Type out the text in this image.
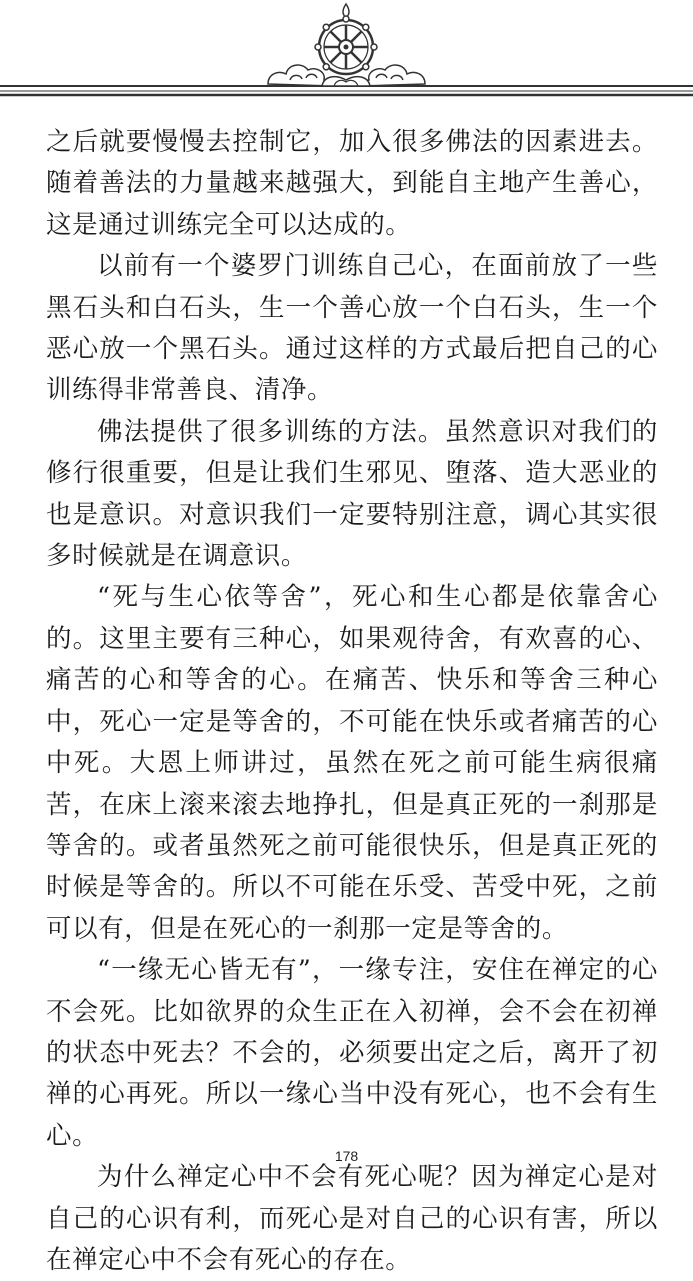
之后就要慢慢去控制它，加入很多佛法的因素进去。随着善法的力量越来越强大，到能自主地产生善心，这是通过训练完全可以达成的。

以前有一个婆罗门训练自己心，在面前放了一些黑石头和白石头，生一个善心放一个白石头，生一个恶心放一个黑石头。通过这样的方式最后把自己的心训练得非常善良、清净。

佛法提供了很多训练的方法。虽然意识对我们的修行很重要，但是让我们生邪见、堕落、造大恶业的也是意识。对意识我们一定要特别注意，调心其实很多时候就是在调意识。

“死与生心依等舍”，死心和生心都是依靠舍心的。这里主要有三种心，如果观待舍，有欢喜的心、痛苦的心和等舍的心。在痛苦、快乐和等舍三种心中，死心一定是等舍的，不可能在快乐或者痛苦的心中死。大恩上师讲过，虽然在死之前可能生病很痛苦，在床上滚来滚去地挣扎，但是真正死的一刹那是等舍的。或者虽然死之前可能很快乐，但是真正死的时候是等舍的。所以不可能在乐受、苦受中死，之前可以有，但是在死心的一刹那一定是等舍的。

“一缘无心皆无有”，一缘专注，安住在禅定的心不会死。比如欲界的众生正在入初禅，会不会在初禅的状态中死去？不会的，必须要出定之后，离开了初禅的心再死。所以一缘心当中没有死心，也不会有生心。

为什么禅定心中不会有死心呢？因为禅定心是对自己的心识有利，而死心是对自己的心识有害，所以在禅定心中不会有死心的存在。

178
